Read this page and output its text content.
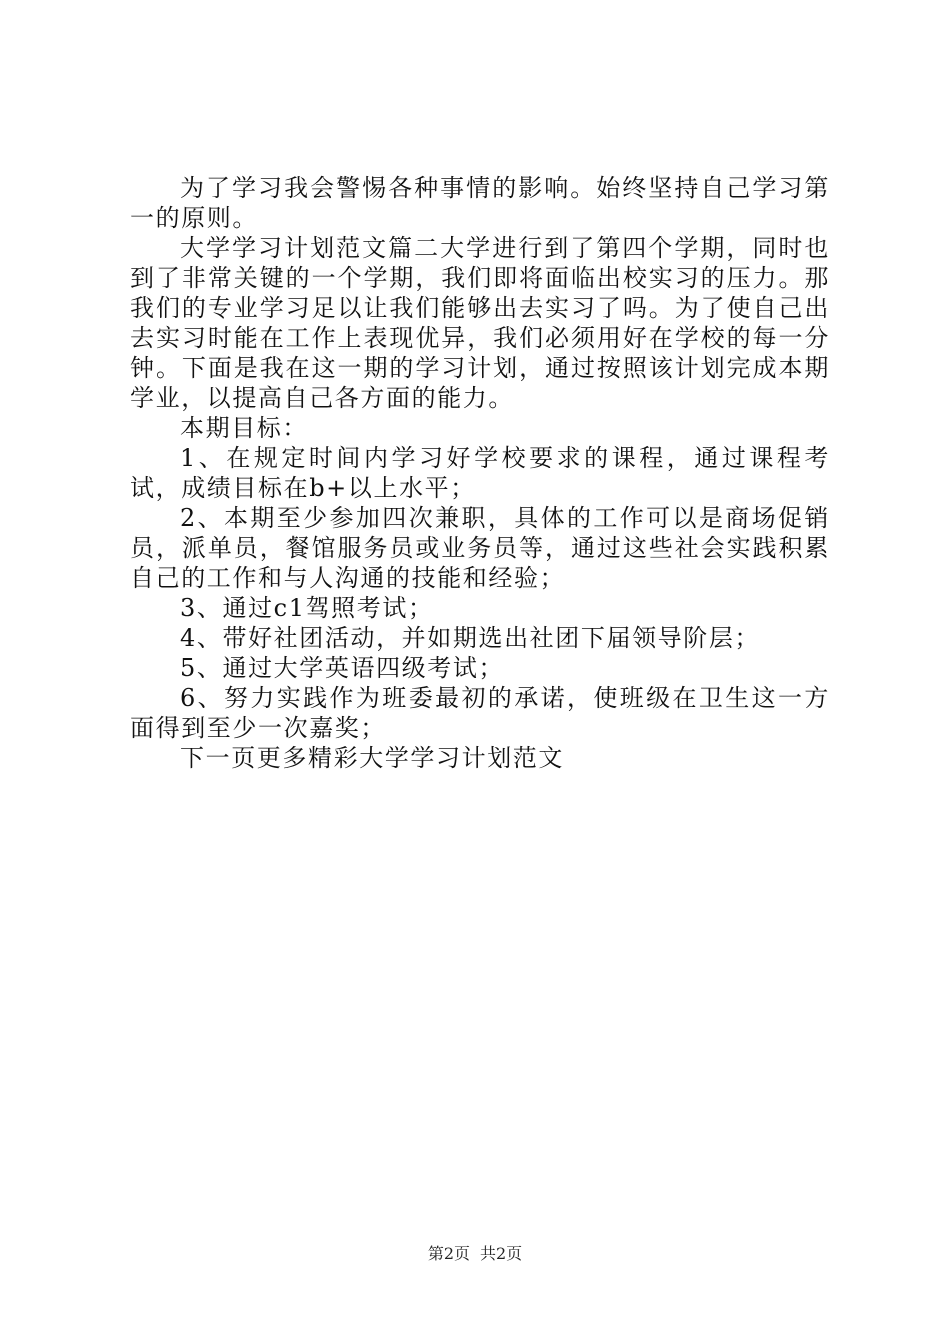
为了学习我会警惕各种事情的影响。始终坚持自己学习第一的原则。

大学学习计划范文篇二大学进行到了第四个学期，同时也到了非常关键的一个学期，我们即将面临出校实习的压力。那我们的专业学习足以让我们能够出去实习了吗。为了使自己出去实习时能在工作上表现优异，我们必须用好在学校的每一分钟。下面是我在这一期的学习计划，通过按照该计划完成本期学业，以提高自己各方面的能力。

本期目标：

1、在规定时间内学习好学校要求的课程，通过课程考试，成绩目标在b+以上水平；

2、本期至少参加四次兼职，具体的工作可以是商场促销员，派单员，餐馆服务员或业务员等，通过这些社会实践积累自己的工作和与人沟通的技能和经验；

3、通过c1驾照考试；

4、带好社团活动，并如期选出社团下届领导阶层；

5、通过大学英语四级考试；

6、努力实践作为班委最初的承诺，使班级在卫生这一方面得到至少一次嘉奖；

下一页更多精彩大学学习计划范文

第2页 共2页
